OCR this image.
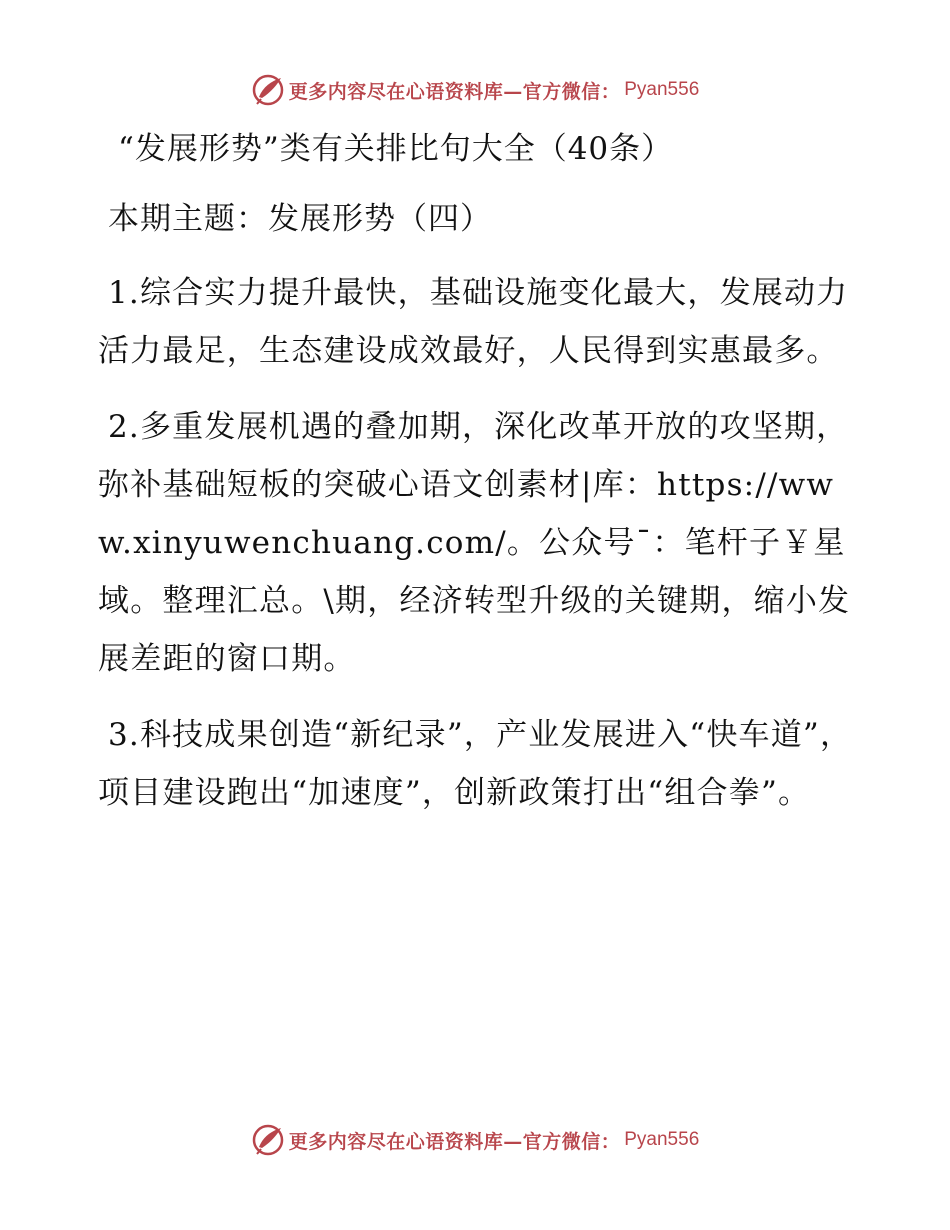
更多内容尽在心语资料库—官方微信： Pyan556
“发展形势”类有关排比句大全（40条）
本期主题：发展形势（四）

1.综合实力提升最快，基础设施变化最大，发展动力活力最足，生态建设成效最好，人民得到实惠最多。

2.多重发展机遇的叠加期，深化改革开放的攻坚期，弥补基础短板的突破心语文创素材|库：https://www.xinyuwenchuang.com/。公众号¯：笔杆子￥星域。整理汇总。\期，经济转型升级的关键期，缩小发展差距的窗口期。

3.科技成果创造“新纪录”，产业发展进入“快车道”，项目建设跑出“加速度”，创新政策打出“组合拳”。

更多内容尽在心语资料库—官方微信： Pyan556
